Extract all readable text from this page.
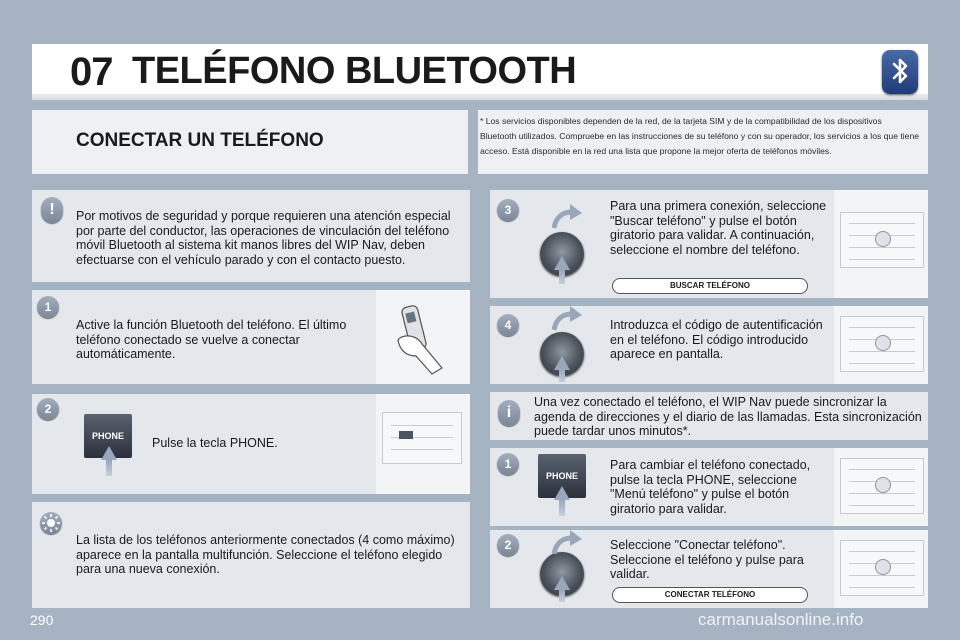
07 TELÉFONO BLUETOOTH
CONECTAR UN TELÉFONO
* Los servicios disponibles dependen de la red, de la tarjeta SIM y de la compatibilidad de los dispositivos Bluetooth utilizados. Compruebe en las instrucciones de su teléfono y con su operador, los servicios a los que tiene acceso. Está disponible en la red una lista que propone la mejor oferta de teléfonos móviles.
!	Por motivos de seguridad y porque requieren una atención especial por parte del conductor, las operaciones de vinculación del teléfono móvil Bluetooth al sistema kit manos libres del WIP Nav, deben efectuarse con el vehículo parado y con el contacto puesto.
1
Active la función Bluetooth del teléfono. El último teléfono conectado se vuelve a conectar automáticamente.
2
PHONE	Pulse la tecla PHONE.
La lista de los teléfonos anteriormente conectados (4 como máximo) aparece en la pantalla multifunción. Seleccione el teléfono elegido para una nueva conexión.
3	Para una primera conexión, seleccione "Buscar teléfono" y pulse el botón giratorio para validar. A continuación, seleccione el nombre del teléfono.
BUSCAR TELÉFONO
4	Introduzca el código de autentificación en el teléfono. El código introducido aparece en pantalla.
i
Una vez conectado el teléfono, el WIP Nav puede sincronizar la agenda de direcciones y el diario de las llamadas. Esta sincronización puede tardar unos minutos*.
1
PHONE
Para cambiar el teléfono conectado, pulse la tecla PHONE, seleccione "Menú teléfono" y pulse el botón giratorio para validar.
2	Seleccione "Conectar teléfono". Seleccione el teléfono y pulse para validar.
CONECTAR TELÉFONO
290	carmanualsonline.info
